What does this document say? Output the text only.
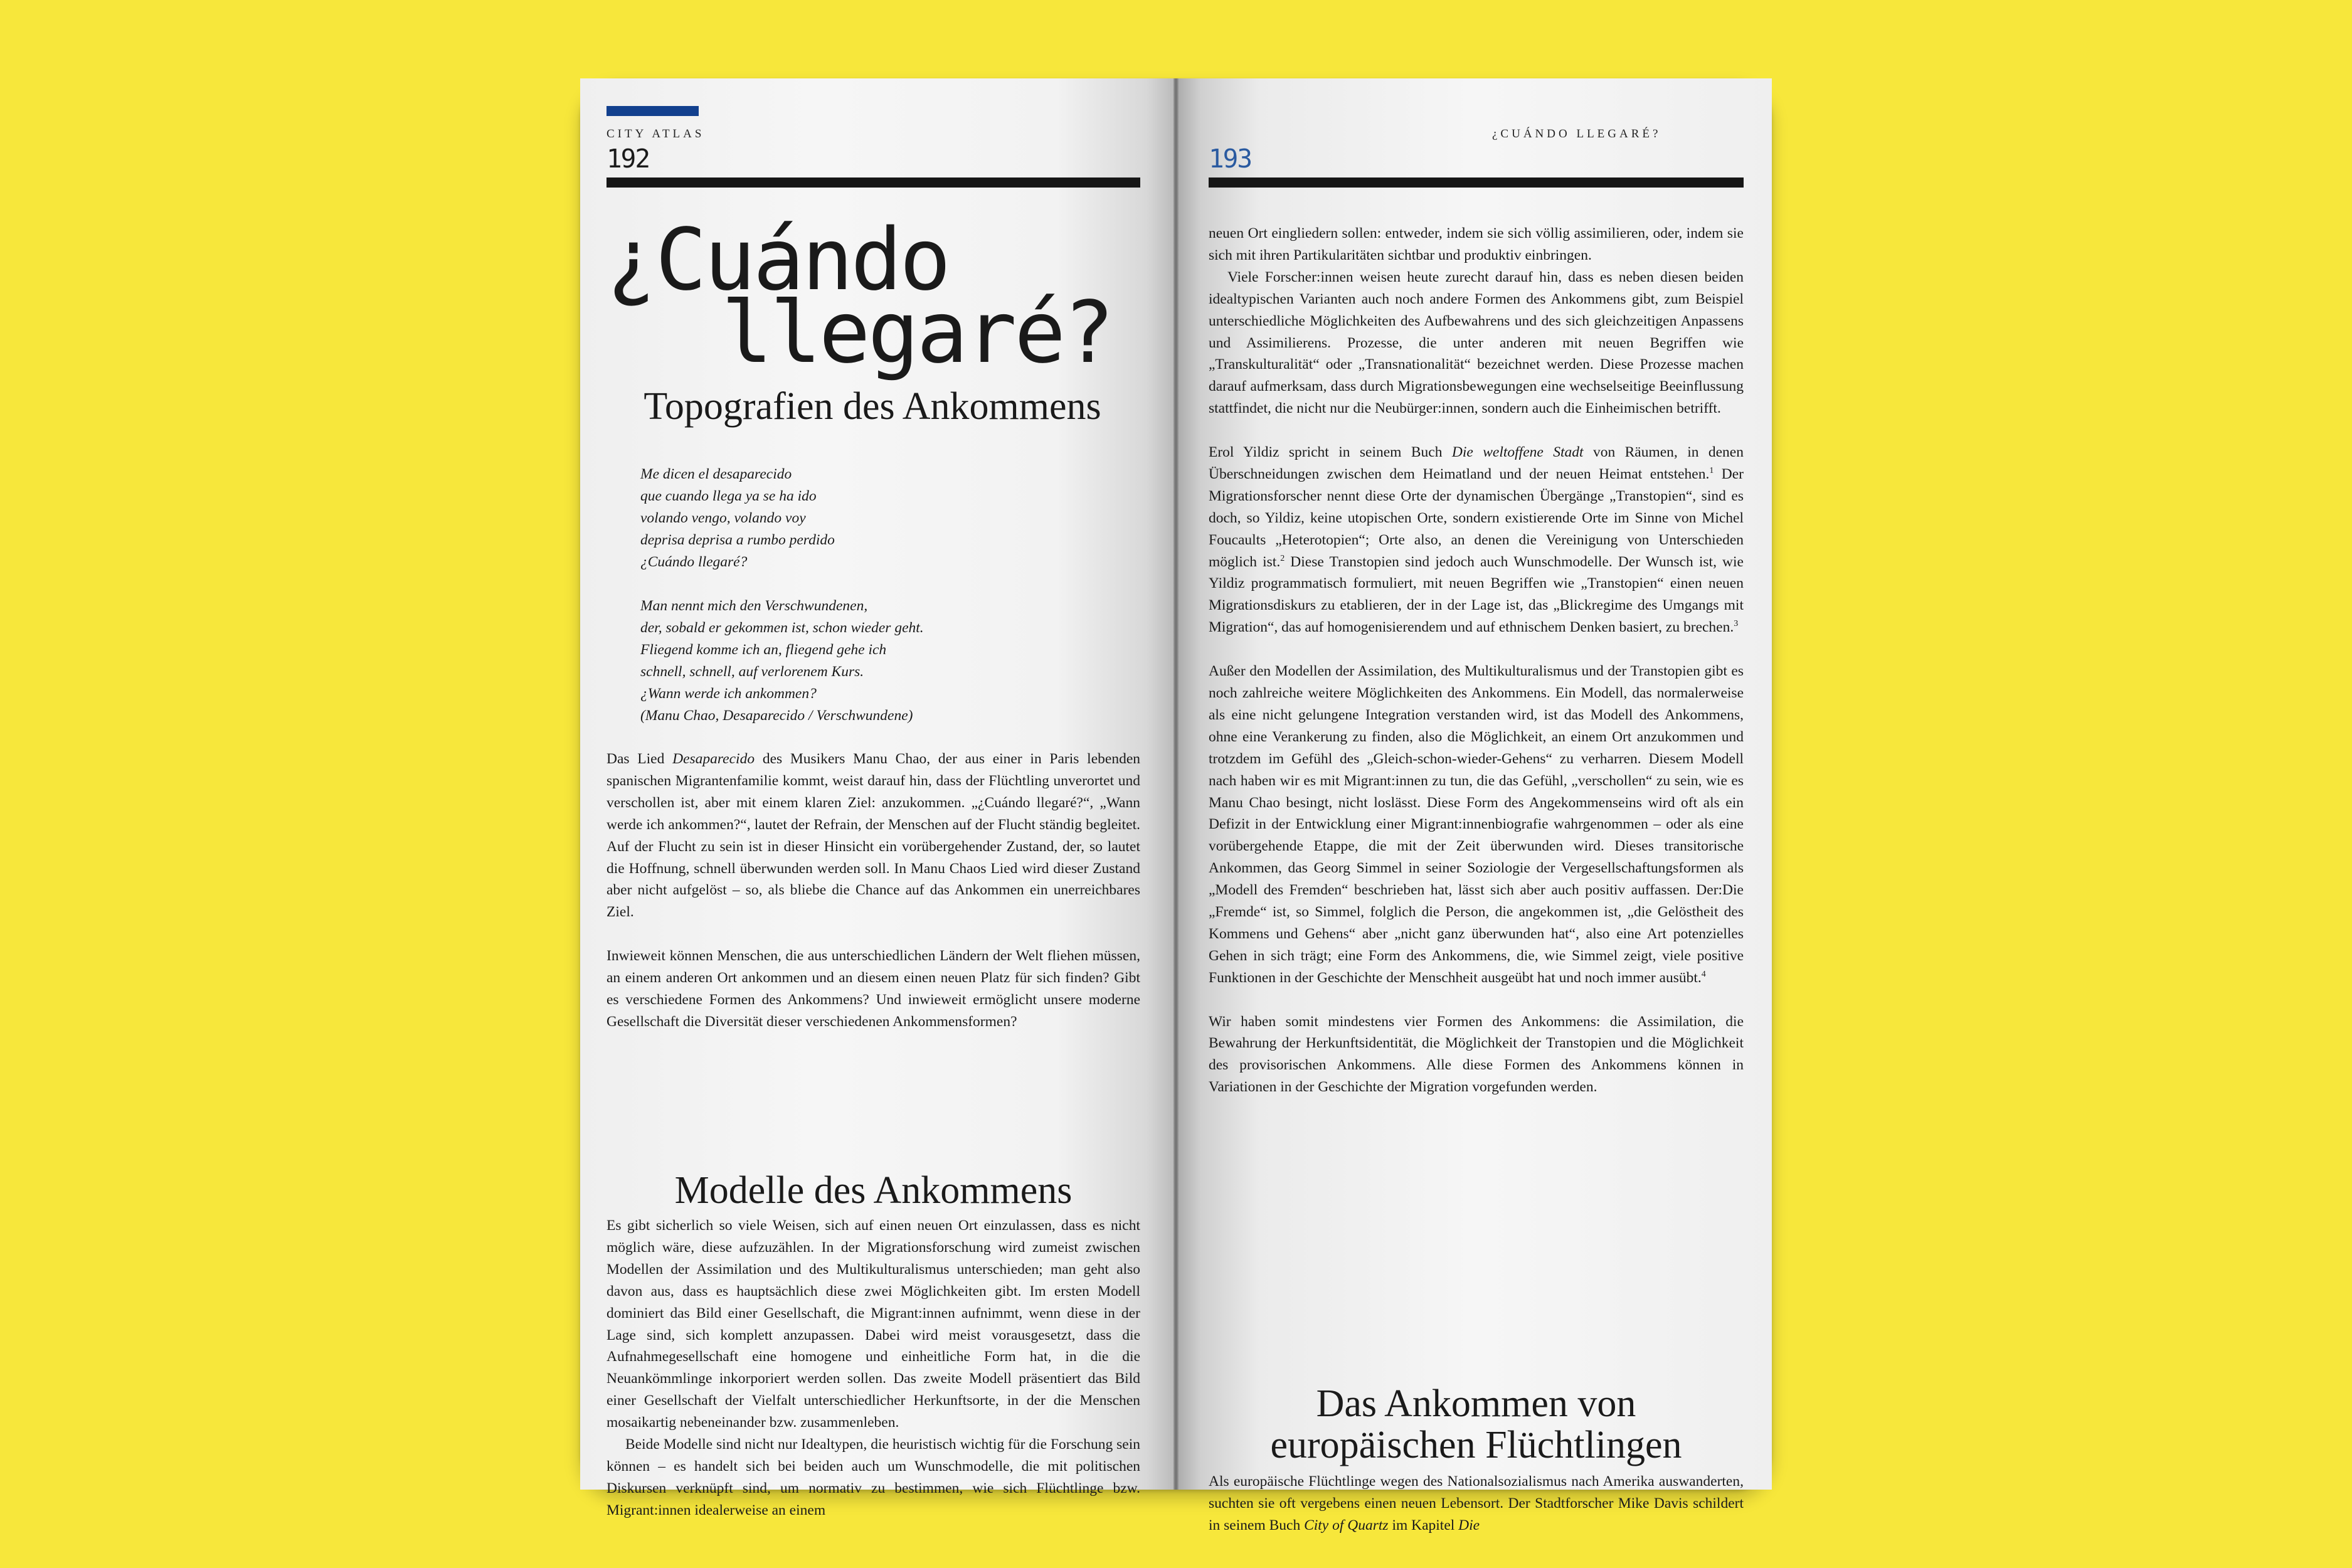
CITY ATLAS
192
¿Cuándo
llegaré?
Topografien des Ankommens
Me dicen el desaparecido
que cuando llega ya se ha ido
volando vengo, volando voy
deprisa deprisa a rumbo perdido
¿Cuándo llegaré?
Man nennt mich den Verschwundenen,
der, sobald er gekommen ist, schon wieder geht.
Fliegend komme ich an, fliegend gehe ich
schnell, schnell, auf verlorenem Kurs.
¿Wann werde ich ankommen?
(Manu Chao, Desaparecido / Verschwundene)

Das Lied Desaparecido des Musikers Manu Chao, der aus einer in Paris lebenden spanischen Migrantenfamilie kommt, weist darauf hin, dass der Flüchtling unverortet und verschollen ist, aber mit einem klaren Ziel: anzukommen. „¿Cuándo llegaré?“, „Wann werde ich ankommen?“, lautet der Refrain, der Menschen auf der Flucht ständig begleitet. Auf der Flucht zu sein ist in dieser Hinsicht ein vorübergehender Zustand, der, so lautet die Hoffnung, schnell überwunden werden soll. In Manu Chaos Lied wird dieser Zustand aber nicht aufgelöst – so, als bliebe die Chance auf das Ankommen ein unerreichbares Ziel.

Inwieweit können Menschen, die aus unterschiedlichen Ländern der Welt fliehen müssen, an einem anderen Ort ankommen und an diesem einen neuen Platz für sich finden? Gibt es verschiedene Formen des Ankommens? Und inwieweit ermöglicht unsere moderne Gesellschaft die Diversität dieser verschiedenen Ankommensformen?

Modelle des Ankommens

Es gibt sicherlich so viele Weisen, sich auf einen neuen Ort einzulassen, dass es nicht möglich wäre, diese aufzuzählen. In der Migrationsforschung wird zumeist zwischen Modellen der Assimilation und des Multikulturalismus unterschieden; man geht also davon aus, dass es hauptsächlich diese zwei Möglichkeiten gibt. Im ersten Modell dominiert das Bild einer Gesellschaft, die Migrant:innen aufnimmt, wenn diese in der Lage sind, sich komplett anzupassen. Dabei wird meist vorausgesetzt, dass die Aufnahmegesellschaft eine homogene und einheitliche Form hat, in die die Neuankömmlinge inkorporiert werden sollen. Das zweite Modell präsentiert das Bild einer Gesellschaft der Vielfalt unterschiedlicher Herkunftsorte, in der die Menschen mosaikartig nebeneinander bzw. zusammenleben.

Beide Modelle sind nicht nur Idealtypen, die heuristisch wichtig für die Forschung sein können – es handelt sich bei beiden auch um Wunschmodelle, die mit politischen Diskursen verknüpft sind, um normativ zu bestimmen, wie sich Flüchtlinge bzw. Migrant:innen idealerweise an einem

¿CUÁNDO LLEGARÉ?
193

neuen Ort eingliedern sollen: entweder, indem sie sich völlig assimilieren, oder, indem sie sich mit ihren Partikularitäten sichtbar und produktiv einbringen.

Viele Forscher:innen weisen heute zurecht darauf hin, dass es neben diesen beiden idealtypischen Varianten auch noch andere Formen des Ankommens gibt, zum Beispiel unterschiedliche Möglichkeiten des Aufbewahrens und des sich gleichzeitigen Anpassens und Assimilierens. Prozesse, die unter anderen mit neuen Begriffen wie „Transkulturalität“ oder „Transnationalität“ bezeichnet werden. Diese Prozesse machen darauf aufmerksam, dass durch Migrationsbewegungen eine wechselseitige Beeinflussung stattfindet, die nicht nur die Neubürger:innen, sondern auch die Einheimischen betrifft.

Erol Yildiz spricht in seinem Buch Die weltoffene Stadt von Räumen, in denen Überschneidungen zwischen dem Heimatland und der neuen Heimat entstehen.$^1$ Der Migrationsforscher nennt diese Orte der dynamischen Übergänge „Transtopien“, sind es doch, so Yildiz, keine utopischen Orte, sondern existierende Orte im Sinne von Michel Foucaults „Heterotopien“; Orte also, an denen die Vereinigung von Unterschieden möglich ist.$^2$ Diese Transtopien sind jedoch auch Wunschmodelle. Der Wunsch ist, wie Yildiz programmatisch formuliert, mit neuen Begriffen wie „Transtopien“ einen neuen Migrationsdiskurs zu etablieren, der in der Lage ist, das „Blickregime des Umgangs mit Migration“, das auf homogenisierendem und auf ethnischem Denken basiert, zu brechen.$^3$

Außer den Modellen der Assimilation, des Multikulturalismus und der Transtopien gibt es noch zahlreiche weitere Möglichkeiten des Ankommens. Ein Modell, das normalerweise als eine nicht gelungene Integration verstanden wird, ist das Modell des Ankommens, ohne eine Verankerung zu finden, also die Möglichkeit, an einem Ort anzukommen und trotzdem im Gefühl des „Gleich-schon-wieder-Gehens“ zu verharren. Diesem Modell nach haben wir es mit Migrant:innen zu tun, die das Gefühl, „verschollen“ zu sein, wie es Manu Chao besingt, nicht loslässt. Diese Form des Angekommenseins wird oft als ein Defizit in der Entwicklung einer Migrant:innenbiografie wahrgenommen – oder als eine vorübergehende Etappe, die mit der Zeit überwunden wird. Dieses transitorische Ankommen, das Georg Simmel in seiner Soziologie der Vergesellschaftungsformen als „Modell des Fremden“ beschrieben hat, lässt sich aber auch positiv auffassen. Der:Die „Fremde“ ist, so Simmel, folglich die Person, die angekommen ist, „die Gelöstheit des Kommens und Gehens“ aber „nicht ganz überwunden hat“, also eine Art potenzielles Gehen in sich trägt; eine Form des Ankommens, die, wie Simmel zeigt, viele positive Funktionen in der Geschichte der Menschheit ausgeübt hat und noch immer ausübt.$^4$

Wir haben somit mindestens vier Formen des Ankommens: die Assimilation, die Bewahrung der Herkunftsidentität, die Möglichkeit der Transtopien und die Möglichkeit des provisorischen Ankommens. Alle diese Formen des Ankommens können in Variationen in der Geschichte der Migration vorgefunden werden.

Das Ankommen von
europäischen Flüchtlingen

Als europäische Flüchtlinge wegen des Nationalsozialismus nach Amerika auswanderten, suchten sie oft vergebens einen neuen Lebensort. Der Stadtforscher Mike Davis schildert in seinem Buch City of Quartz im Kapitel Die
